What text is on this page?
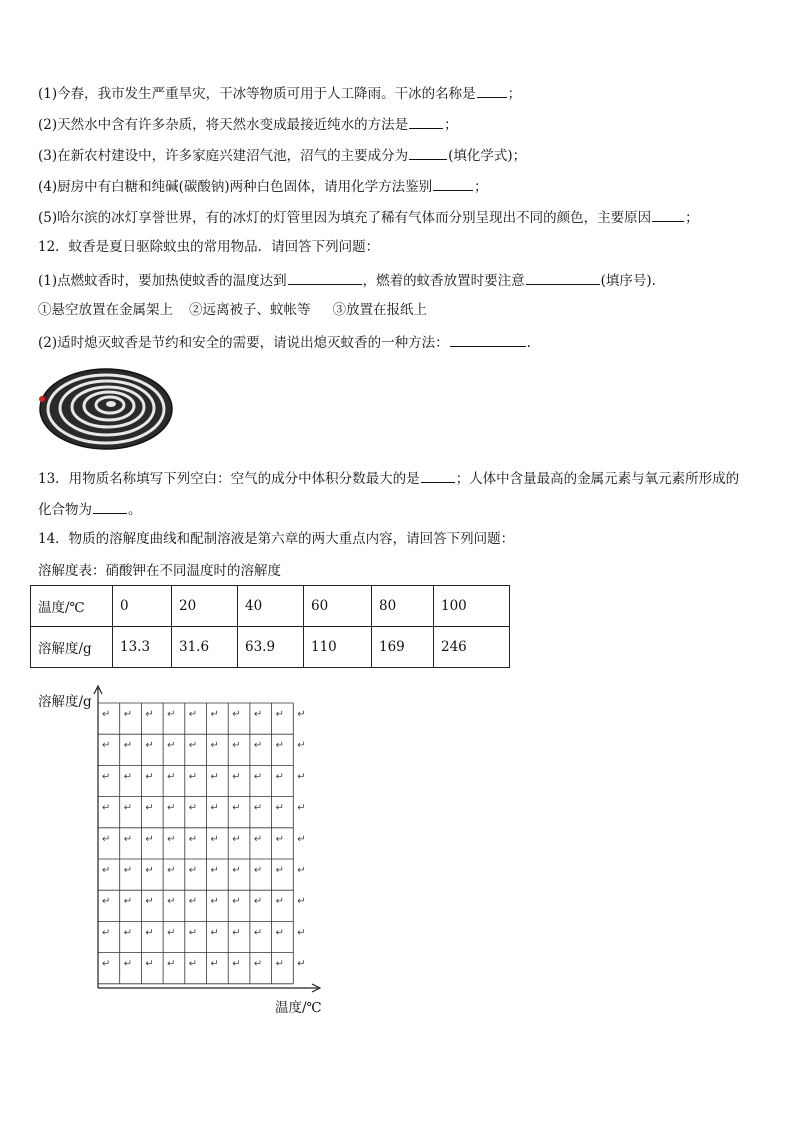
(1)今春，我市发生严重旱灾，干冰等物质可用于人工降雨。干冰的名称是 ；
(2)天然水中含有许多杂质，将天然水变成最接近纯水的方法是	；
(3)在新农村建设中，许多家庭兴建沼气池，沼气的主要成分为	(填化学式)；
(4)厨房中有白糖和纯碱(碳酸钠)两种白色固体，请用化学方法鉴别	；
(5)哈尔滨的冰灯享誉世界，有的冰灯的灯管里因为填充了稀有气体而分别呈现出不同的颜色，主要原因	；
12．蚊香是夏日驱除蚊虫的常用物品．请回答下列问题：
(1)点燃蚊香时，要加热使蚊香的温度达到	，燃着的蚊香放置时要注意	(填序号).
①悬空放置在金属架上 ②远离被子、蚊帐等 ③放置在报纸上
(2)适时熄灭蚊香是节约和安全的需要，请说出熄灭蚊香的一种方法：	.
13．用物质名称填写下列空白：空气的成分中体积分数最大的是	；人体中含量最高的金属元素与氧元素所形成的
化合物为	。
14．物质的溶解度曲线和配制溶液是第六章的两大重点内容，请回答下列问题：
溶解度表：硝酸钾在不同温度时的溶解度
温度/℃	0	20	40	60	80	100
溶解度/g	13.3	31.6	63.9	110	169	246
溶解度/g
温度/℃
↵ ↵ ↵ ↵ ↵ ↵ ↵ ↵ ↵ ↵
↵ ↵ ↵ ↵ ↵ ↵ ↵ ↵ ↵ ↵
↵ ↵ ↵ ↵ ↵ ↵ ↵ ↵ ↵ ↵
↵ ↵ ↵ ↵ ↵ ↵ ↵ ↵ ↵ ↵
↵ ↵ ↵ ↵ ↵ ↵ ↵ ↵ ↵ ↵
↵ ↵ ↵ ↵ ↵ ↵ ↵ ↵ ↵ ↵
↵ ↵ ↵ ↵ ↵ ↵ ↵ ↵ ↵ ↵
↵ ↵ ↵ ↵ ↵ ↵ ↵ ↵ ↵ ↵
↵ ↵ ↵ ↵ ↵ ↵ ↵ ↵ ↵ ↵
